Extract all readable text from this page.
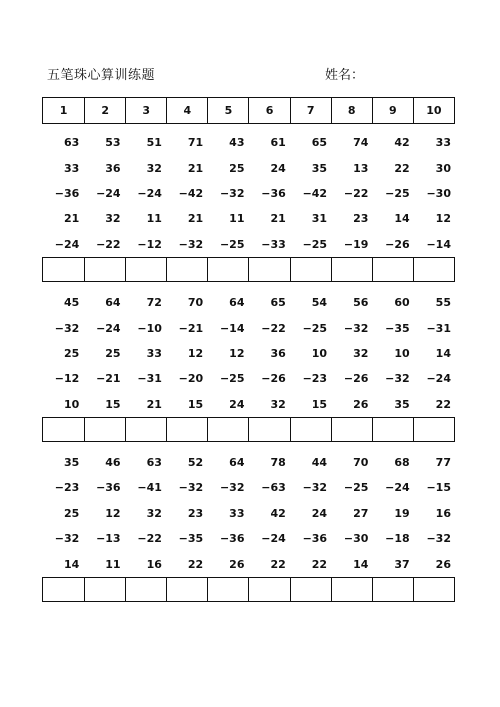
五笔珠心算训练题	姓名：
1	2	3	4	5	6	7	8	9	10
63	53	51	71	43	61	65	74	42	33
33	36	32	21	25	24	35	13	22	30
−36	−24	−24	−42	−32	−36	−42	−22	−25	−30
21	32	11	21	11	21	31	23	14	12
−24	−22	−12	−32	−25	−33	−25	−19	−26	−14
45	64	72	70	64	65	54	56	60	55
−32	−24	−10	−21	−14	−22	−25	−32	−35	−31
25	25	33	12	12	36	10	32	10	14
−12	−21	−31	−20	−25	−26	−23	−26	−32	−24
10	15	21	15	24	32	15	26	35	22
35	46	63	52	64	78	44	70	68	77
−23	−36	−41	−32	−32	−63	−32	−25	−24	−15
25	12	32	23	33	42	24	27	19	16
−32	−13	−22	−35	−36	−24	−36	−30	−18	−32
14	11	16	22	26	22	22	14	37	26
